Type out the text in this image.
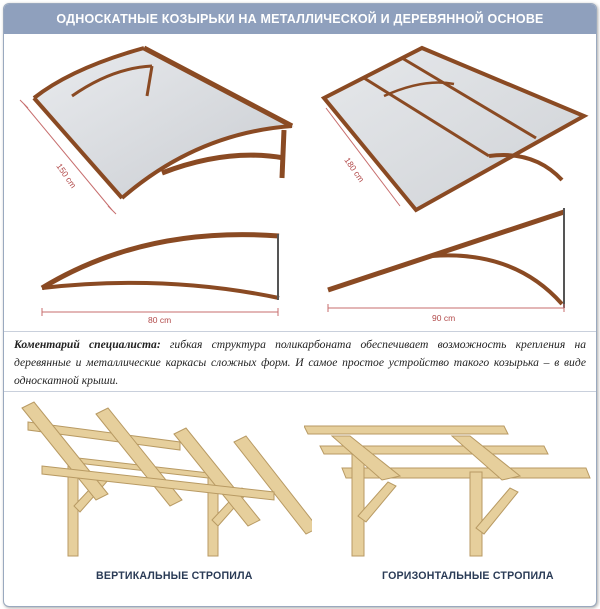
ОДНОСКАТНЫЕ КОЗЫРЬКИ НА МЕТАЛЛИЧЕСКОЙ И ДЕРЕВЯННОЙ ОСНОВЕ
150 cm	180 cm
80 cm	90 cm
Коментарий специалиста: гибкая структура поликарбоната обеспечивает возможность крепления на деревянные и металлические каркасы сложных форм. И самое простое устройство такого козырька – в виде односкатной крыши.
ВЕРТИКАЛЬНЫЕ СТРОПИЛА	ГОРИЗОНТАЛЬНЫЕ СТРОПИЛА
